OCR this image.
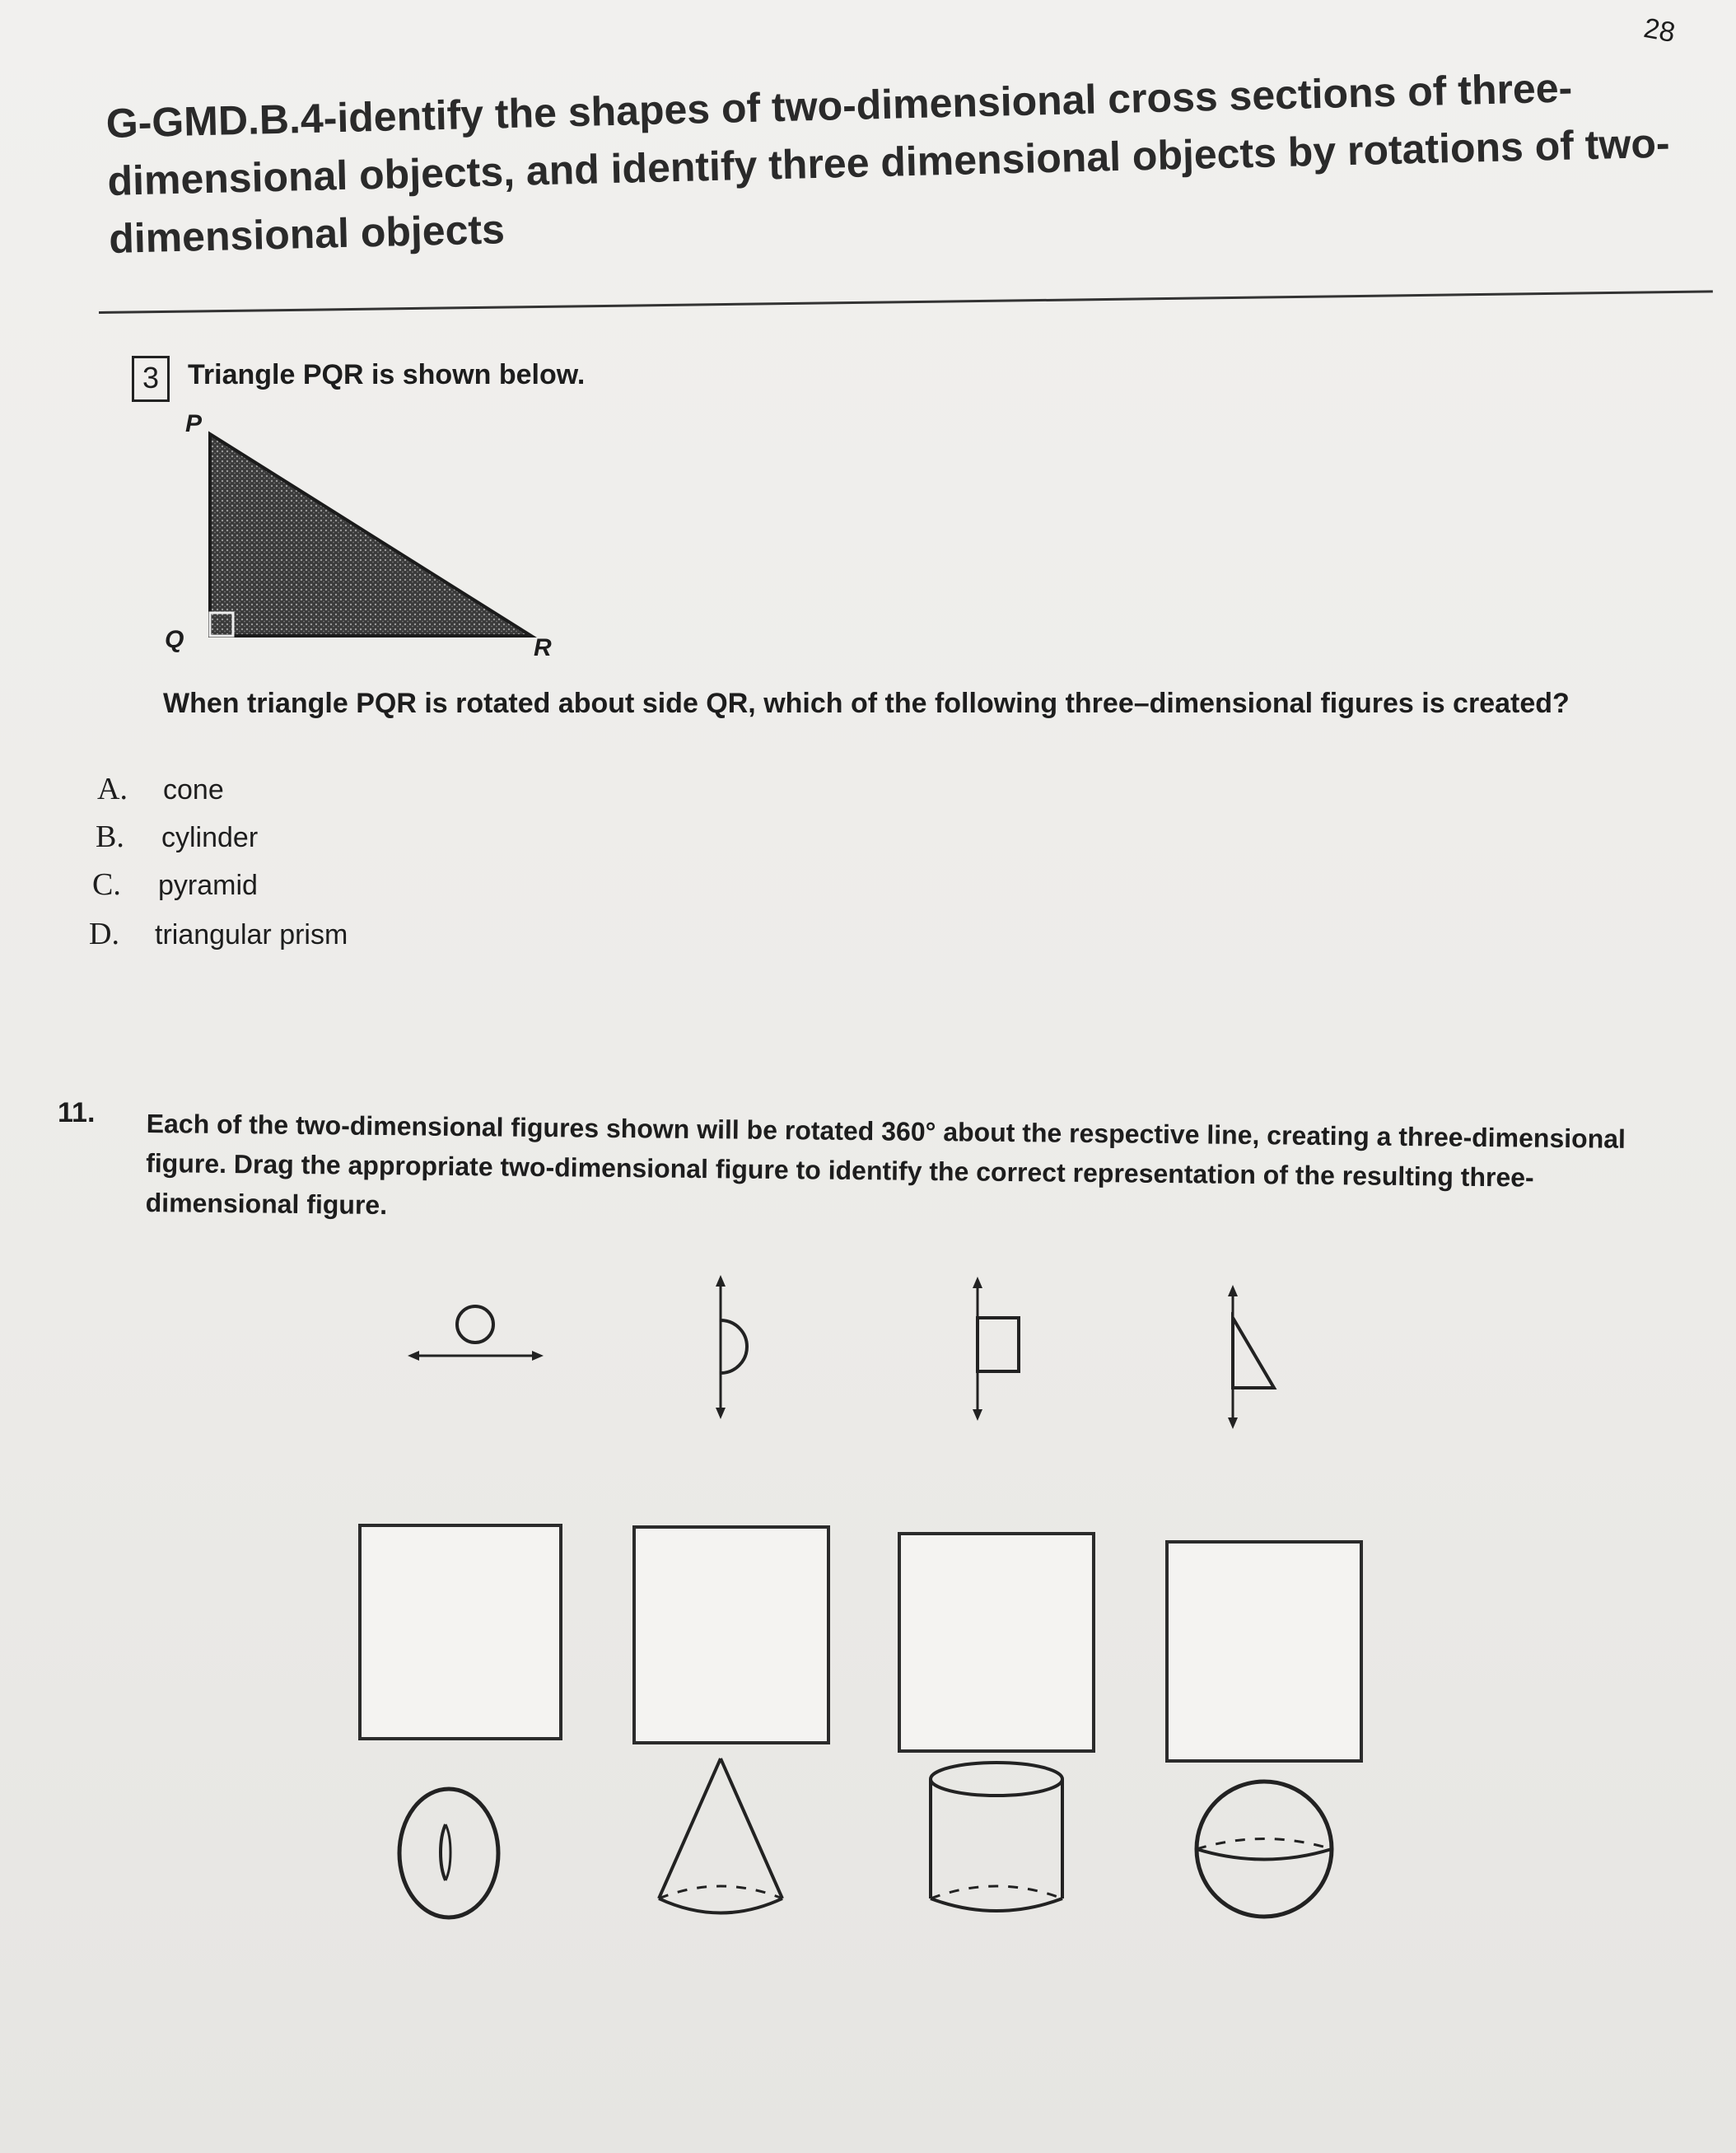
28
G-GMD.B.4-identify the shapes of two-dimensional cross sections of three-dimensional objects, and identify three dimensional objects by rotations of two-dimensional objects
3	Triangle PQR is shown below.
P
Q	R
When triangle PQR is rotated about side QR, which of the following three–dimensional figures is created?
A. cone
B. cylinder
C. pyramid
D. triangular prism
11. Each of the two-dimensional figures shown will be rotated 360° about the respective line, creating a three-dimensional figure. Drag the appropriate two-dimensional figure to identify the correct representation of the resulting three-dimensional figure.
